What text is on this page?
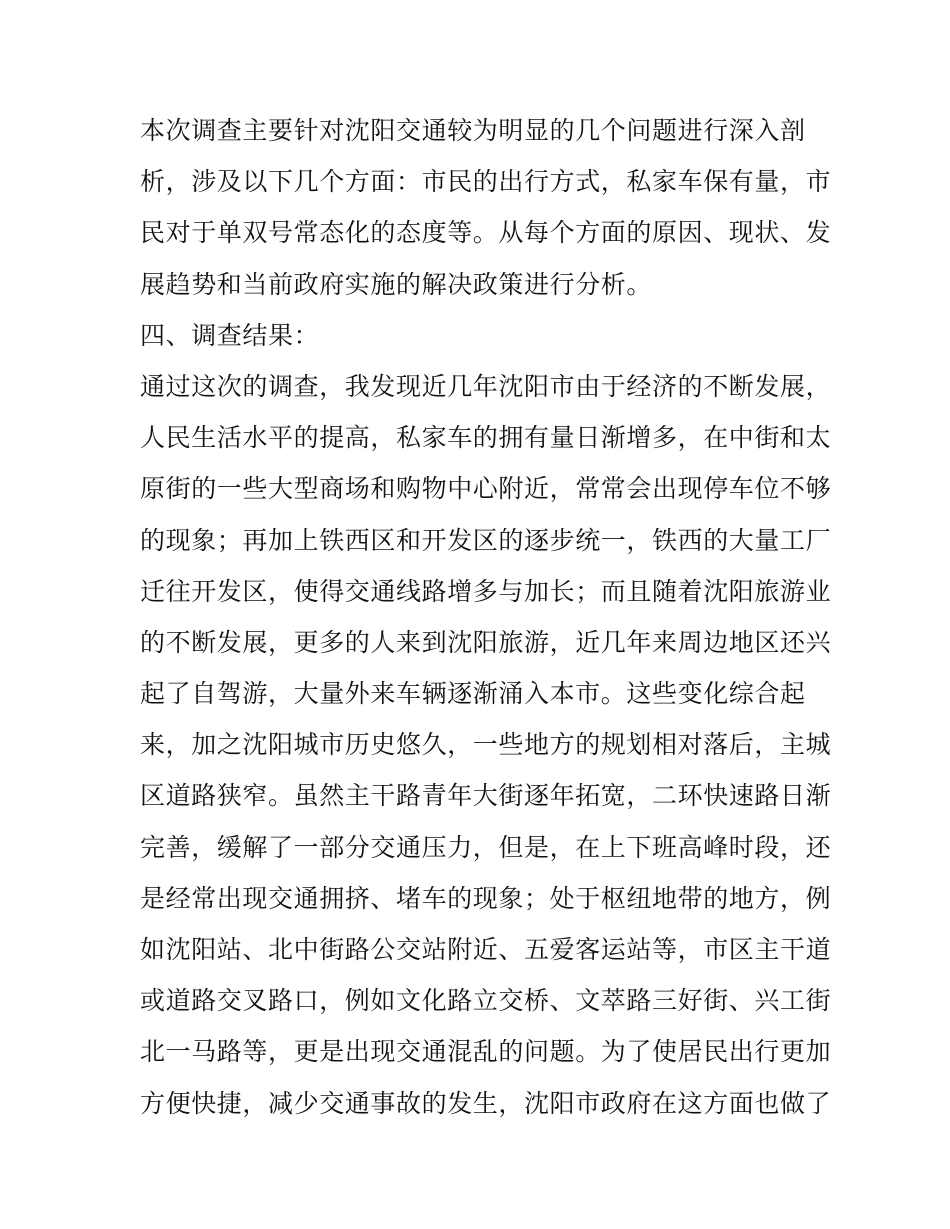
本次调查主要针对沈阳交通较为明显的几个问题进行深入剖
析，涉及以下几个方面：市民的出行方式，私家车保有量，市
民对于单双号常态化的态度等。从每个方面的原因、现状、发
展趋势和当前政府实施的解决政策进行分析。
四、调查结果：
通过这次的调查，我发现近几年沈阳市由于经济的不断发展，
人民生活水平的提高，私家车的拥有量日渐增多，在中街和太
原街的一些大型商场和购物中心附近，常常会出现停车位不够
的现象；再加上铁西区和开发区的逐步统一，铁西的大量工厂
迁往开发区，使得交通线路增多与加长；而且随着沈阳旅游业
的不断发展，更多的人来到沈阳旅游，近几年来周边地区还兴
起了自驾游，大量外来车辆逐渐涌入本市。这些变化综合起
来，加之沈阳城市历史悠久，一些地方的规划相对落后，主城
区道路狭窄。虽然主干路青年大街逐年拓宽，二环快速路日渐
完善，缓解了一部分交通压力，但是，在上下班高峰时段，还
是经常出现交通拥挤、堵车的现象；处于枢纽地带的地方，例
如沈阳站、北中街路公交站附近、五爱客运站等，市区主干道
或道路交叉路口，例如文化路立交桥、文萃路三好街、兴工街
北一马路等，更是出现交通混乱的问题。为了使居民出行更加
方便快捷，减少交通事故的发生，沈阳市政府在这方面也做了
